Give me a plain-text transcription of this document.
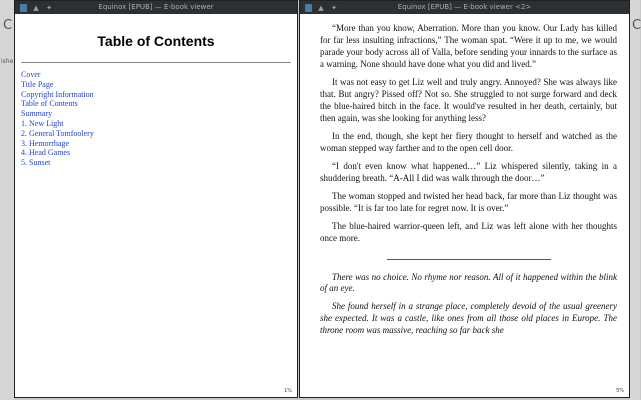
C
ishe
C
▲	✦	Equinox [EPUB] — E-book viewer
Table of Contents
Cover
Title Page
Copyright Information
Table of Contents
Summary
1. New Light
2. General Tomfoolery
3. Hemorrhage
4. Head Games
5. Sunset
1%
▲	✦	Equinox [EPUB] — E-book viewer <2>

“More than you know, Aberration. More than you know. Our Lady has killed for far less insulting infractions,” The woman spat. “Were it up to me, we would parade your body across all of Valla, before sending your innards to the surface as a warning. None should have done what you did and lived.”

It was not easy to get Liz well and truly angry. Annoyed? She was always like that. But angry? Pissed off? Not so. She struggled to not surge forward and deck the blue-haired bitch in the face. It would've resulted in her death, certainly, but then again, was she looking for anything less?

In the end, though, she kept her fiery thought to herself and watched as the woman stepped way farther and to the open cell door.

“I don't even know what happened…” Liz whispered silently, taking in a shuddering breath. “A-All I did was walk through the door…”

The woman stopped and twisted her head back, far more than Liz thought was possible. “It is far too late for regret now. It is over.”

The blue-haired warrior-queen left, and Liz was left alone with her thoughts once more.

There was no choice. No rhyme nor reason. All of it happened within the blink of an eye.

She found herself in a strange place, completely devoid of the usual greenery she expected. It was a castle, like ones from all those old places in Europe. The throne room was massive, reaching so far back she

5%
